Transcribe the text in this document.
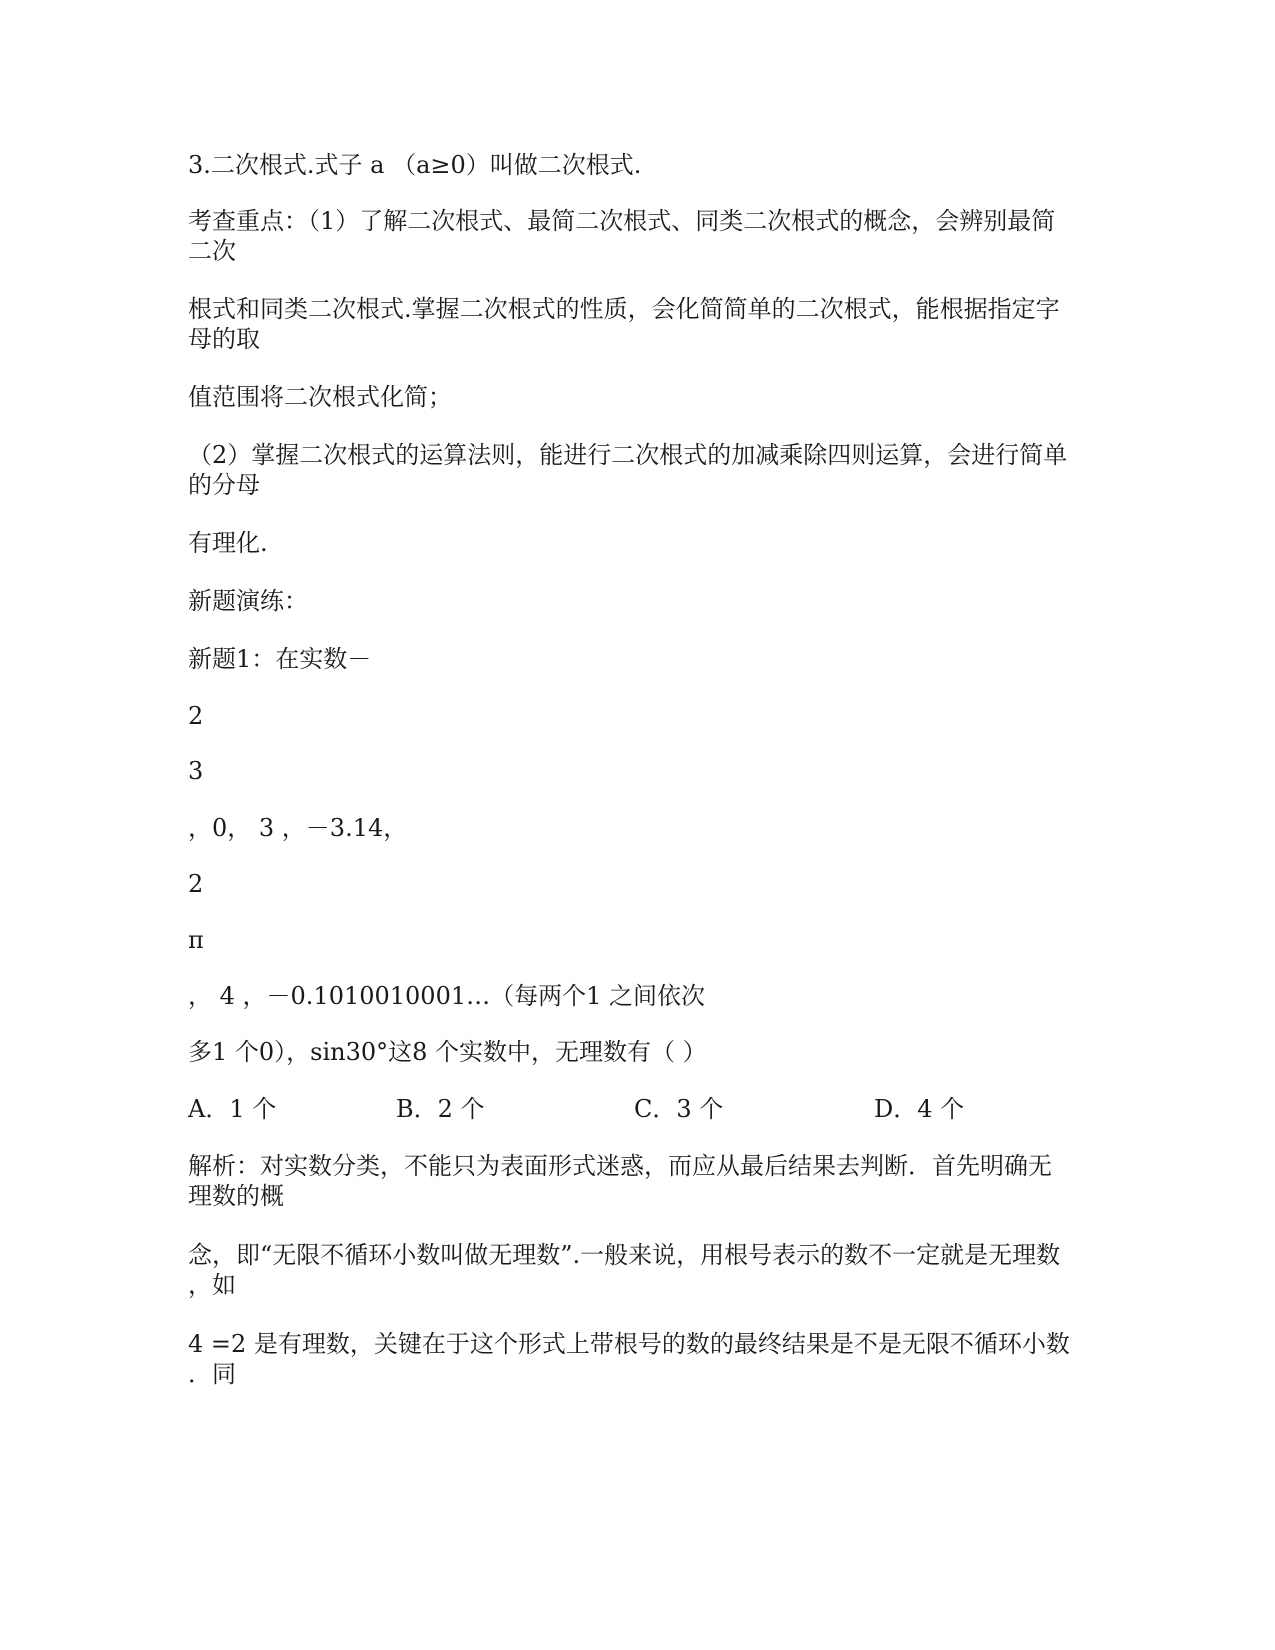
3.二次根式.式子 a （a≥0）叫做二次根式.
考查重点：（1）了解二次根式、最简二次根式、同类二次根式的概念，会辨别最简
二次
根式和同类二次根式.掌握二次根式的性质，会化简简单的二次根式，能根据指定字
母的取
值范围将二次根式化简；
（2）掌握二次根式的运算法则，能进行二次根式的加减乘除四则运算，会进行简单
的分母
有理化.
新题演练：
新题1：在实数－
2
3
，0， 3 ，－3.14，
2
π
， 4 ，－0.1010010001…（每两个1 之间依次
多1 个0），sin30°这8 个实数中，无理数有（ ）
A．1 个	B．2 个	C．3 个	D．4 个
解析：对实数分类，不能只为表面形式迷惑，而应从最后结果去判断．首先明确无
理数的概
念，即“无限不循环小数叫做无理数”.一般来说，用根号表示的数不一定就是无理数
，如
4 =2 是有理数，关键在于这个形式上带根号的数的最终结果是不是无限不循环小数
．同
